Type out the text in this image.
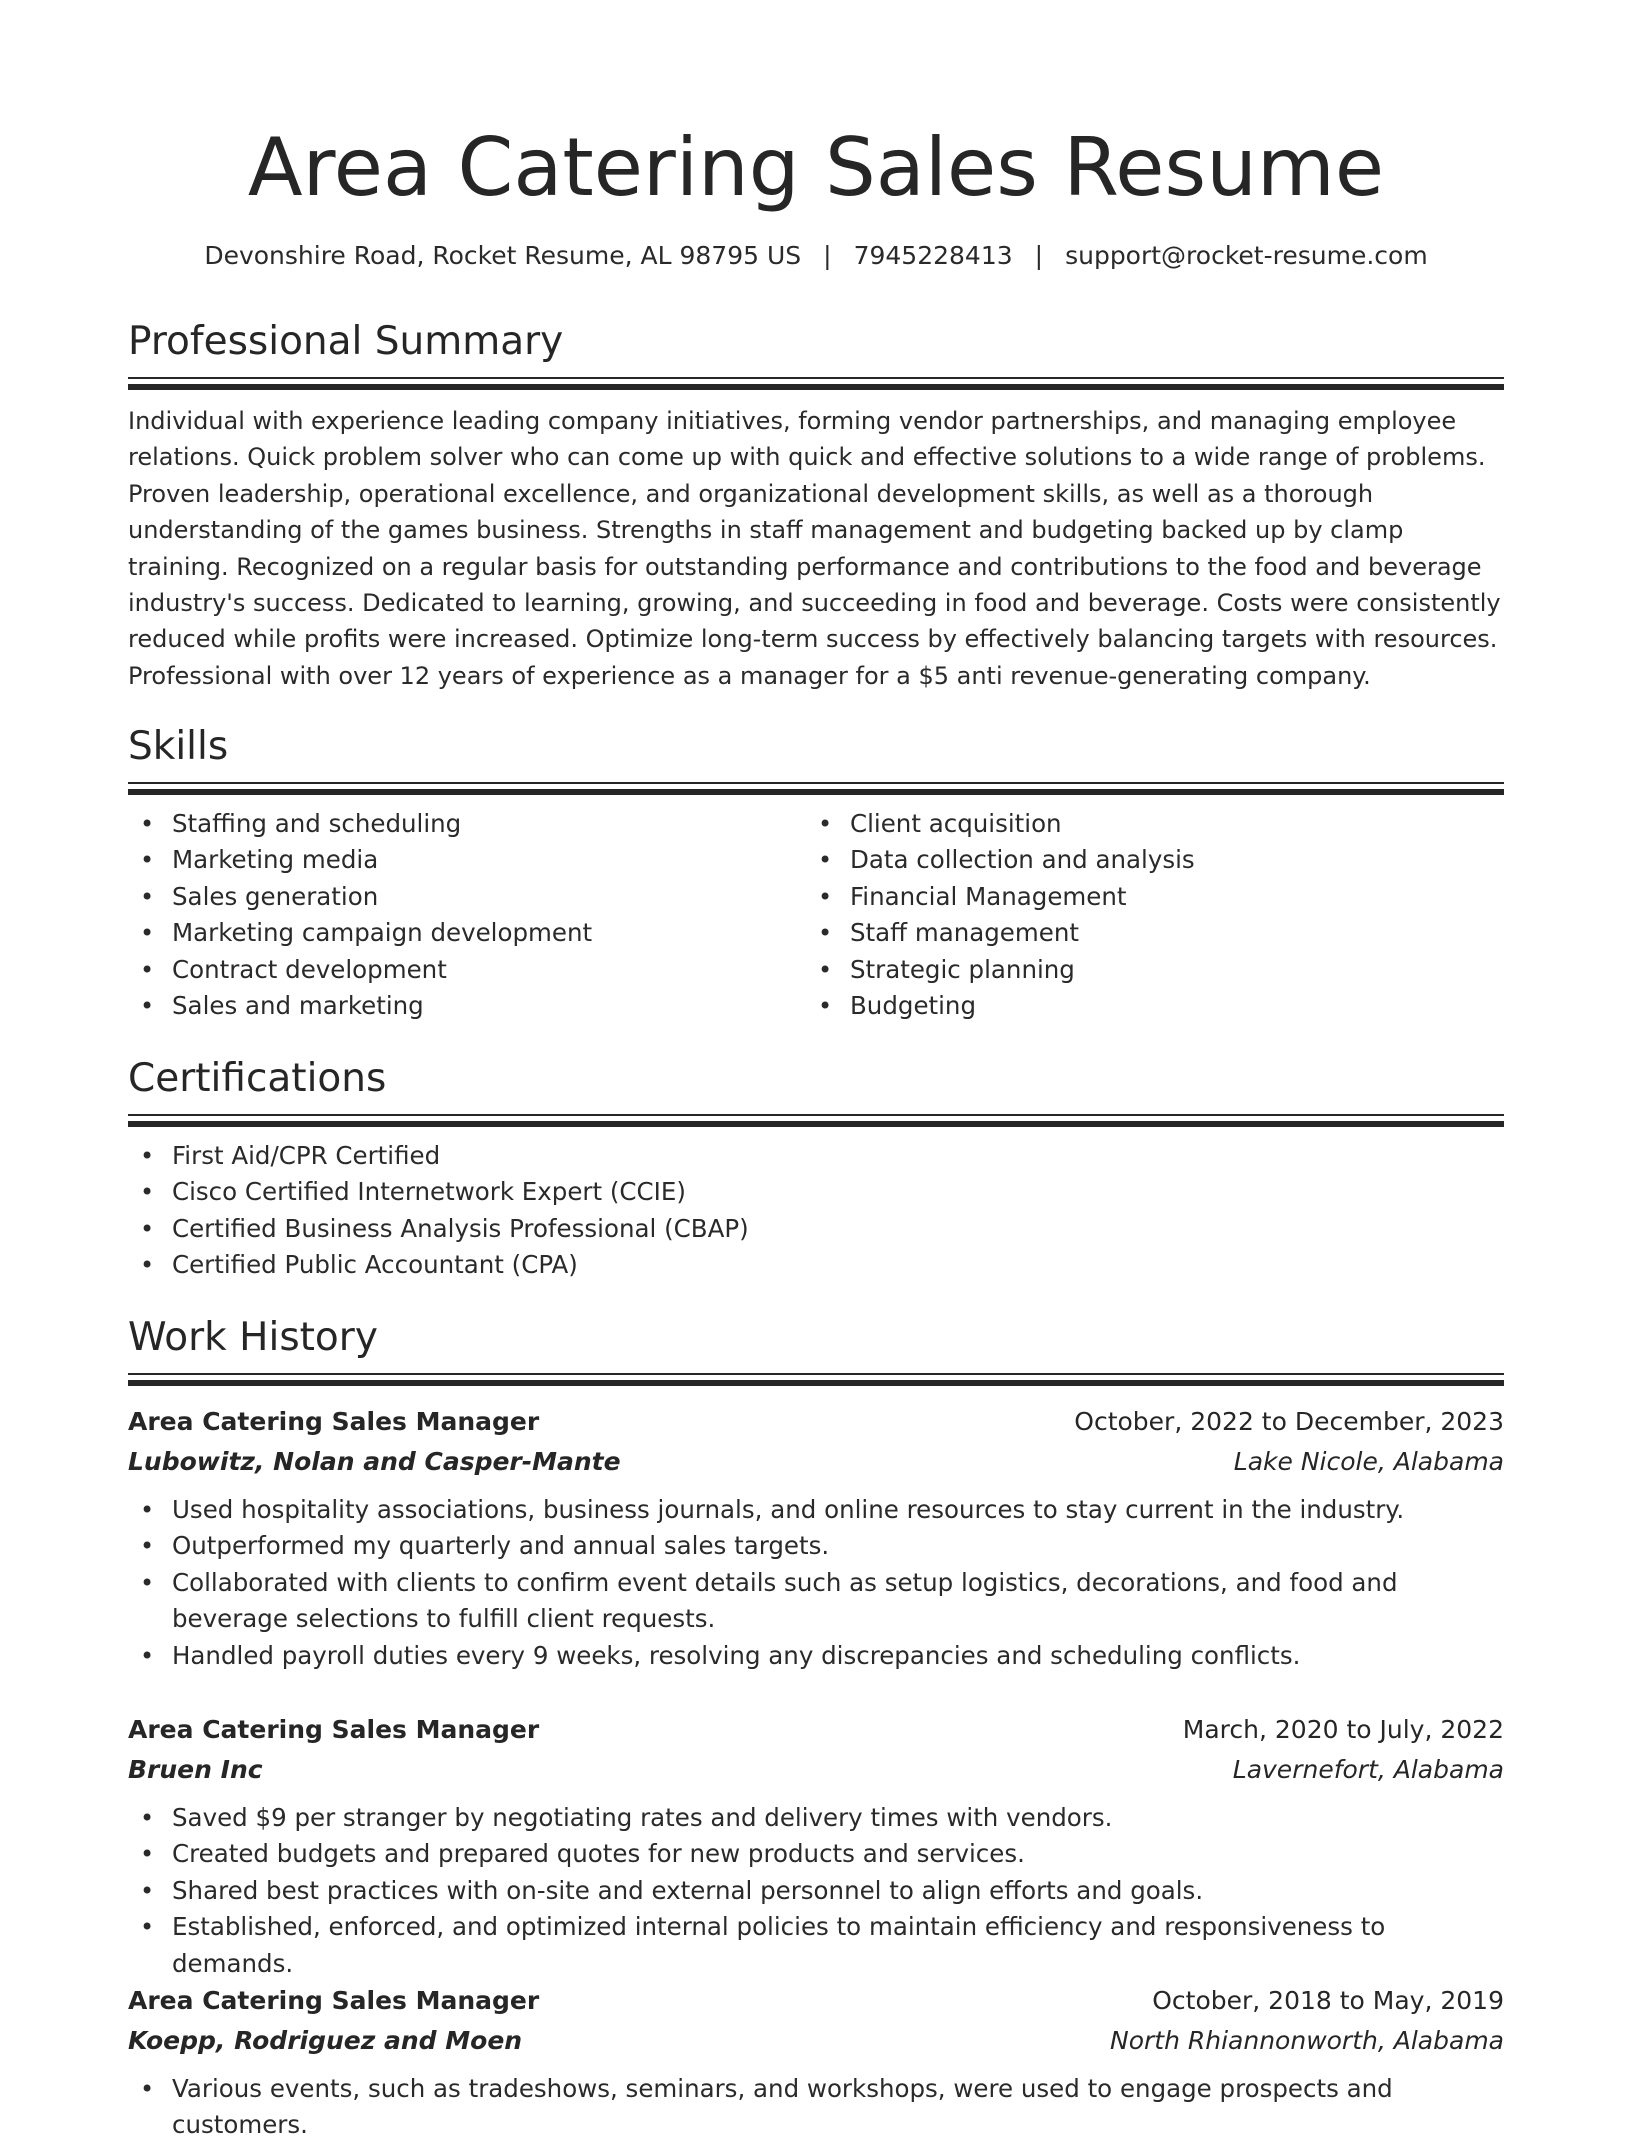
Area Catering Sales Resume
Devonshire Road, Rocket Resume, AL 98795 US | 7945228413 | support@rocket-resume.com
Professional Summary

Individual with experience leading company initiatives, forming vendor partnerships, and managing employee relations. Quick problem solver who can come up with quick and effective solutions to a wide range of problems. Proven leadership, operational excellence, and organizational development skills, as well as a thorough understanding of the games business. Strengths in staff management and budgeting backed up by clamp training. Recognized on a regular basis for outstanding performance and contributions to the food and beverage industry's success. Dedicated to learning, growing, and succeeding in food and beverage. Costs were consistently reduced while profits were increased. Optimize long-term success by effectively balancing targets with resources. Professional with over 12 years of experience as a manager for a $5 anti revenue-generating company.

Skills
• Staffing and scheduling
• Marketing media
• Sales generation
• Marketing campaign development
• Contract development
• Sales and marketing
• Client acquisition
• Data collection and analysis
• Financial Management
• Staff management
• Strategic planning
• Budgeting
Certifications
• First Aid/CPR Certified
• Cisco Certified Internetwork Expert (CCIE)
• Certified Business Analysis Professional (CBAP)
• Certified Public Accountant (CPA)
Work History
Area Catering Sales Manager	October, 2022 to December, 2023
Lubowitz, Nolan and Casper-Mante	Lake Nicole, Alabama
• Used hospitality associations, business journals, and online resources to stay current in the industry.
• Outperformed my quarterly and annual sales targets.
• Collaborated with clients to confirm event details such as setup logistics, decorations, and food and beverage selections to fulfill client requests.
• Handled payroll duties every 9 weeks, resolving any discrepancies and scheduling conflicts.
Area Catering Sales Manager	March, 2020 to July, 2022
Bruen Inc	Lavernefort, Alabama
• Saved $9 per stranger by negotiating rates and delivery times with vendors.
• Created budgets and prepared quotes for new products and services.
• Shared best practices with on-site and external personnel to align efforts and goals.
• Established, enforced, and optimized internal policies to maintain efficiency and responsiveness to demands.
Area Catering Sales Manager	October, 2018 to May, 2019
Koepp, Rodriguez and Moen	North Rhiannonworth, Alabama
• Various events, such as tradeshows, seminars, and workshops, were used to engage prospects and customers.
